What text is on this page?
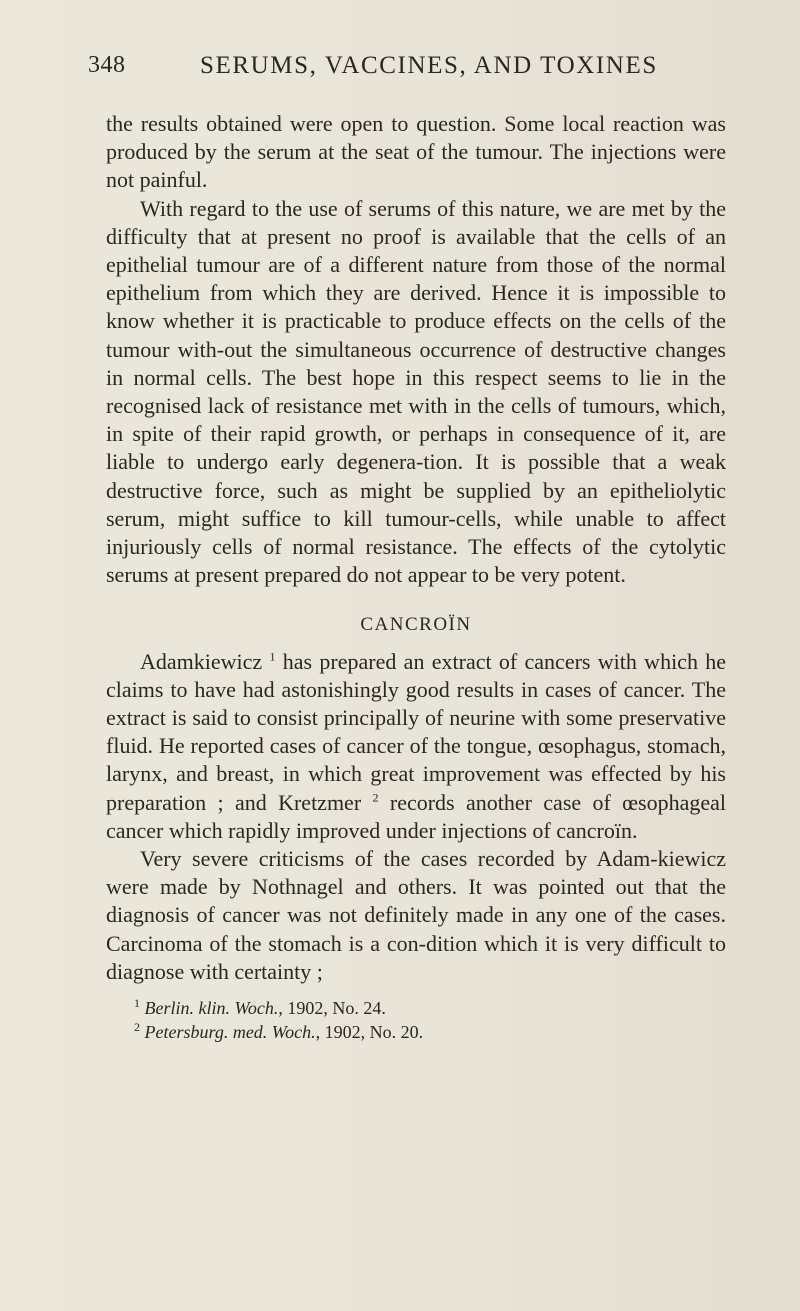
348	SERUMS, VACCINES, AND TOXINES

the results obtained were open to question. Some local reaction was produced by the serum at the seat of the tumour. The injections were not painful.

With regard to the use of serums of this nature, we are met by the difficulty that at present no proof is available that the cells of an epithelial tumour are of a different nature from those of the normal epithelium from which they are derived. Hence it is impossible to know whether it is practicable to produce effects on the cells of the tumour with-out the simultaneous occurrence of destructive changes in normal cells. The best hope in this respect seems to lie in the recognised lack of resistance met with in the cells of tumours, which, in spite of their rapid growth, or perhaps in consequence of it, are liable to undergo early degenera-tion. It is possible that a weak destructive force, such as might be supplied by an epitheliolytic serum, might suffice to kill tumour-cells, while unable to affect injuriously cells of normal resistance. The effects of the cytolytic serums at present prepared do not appear to be very potent.

CANCROÏN

Adamkiewicz $^1$ has prepared an extract of cancers with which he claims to have had astonishingly good results in cases of cancer. The extract is said to consist principally of neurine with some preservative fluid. He reported cases of cancer of the tongue, œsophagus, stomach, larynx, and breast, in which great improvement was effected by his preparation ; and Kretzmer $^2$ records another case of œsophageal cancer which rapidly improved under injections of cancroïn.

Very severe criticisms of the cases recorded by Adam-kiewicz were made by Nothnagel and others. It was pointed out that the diagnosis of cancer was not definitely made in any one of the cases. Carcinoma of the stomach is a con-dition which it is very difficult to diagnose with certainty ;

$^1$ Berlin. klin. Woch., 1902, No. 24.

$^2$ Petersburg. med. Woch., 1902, No. 20.
